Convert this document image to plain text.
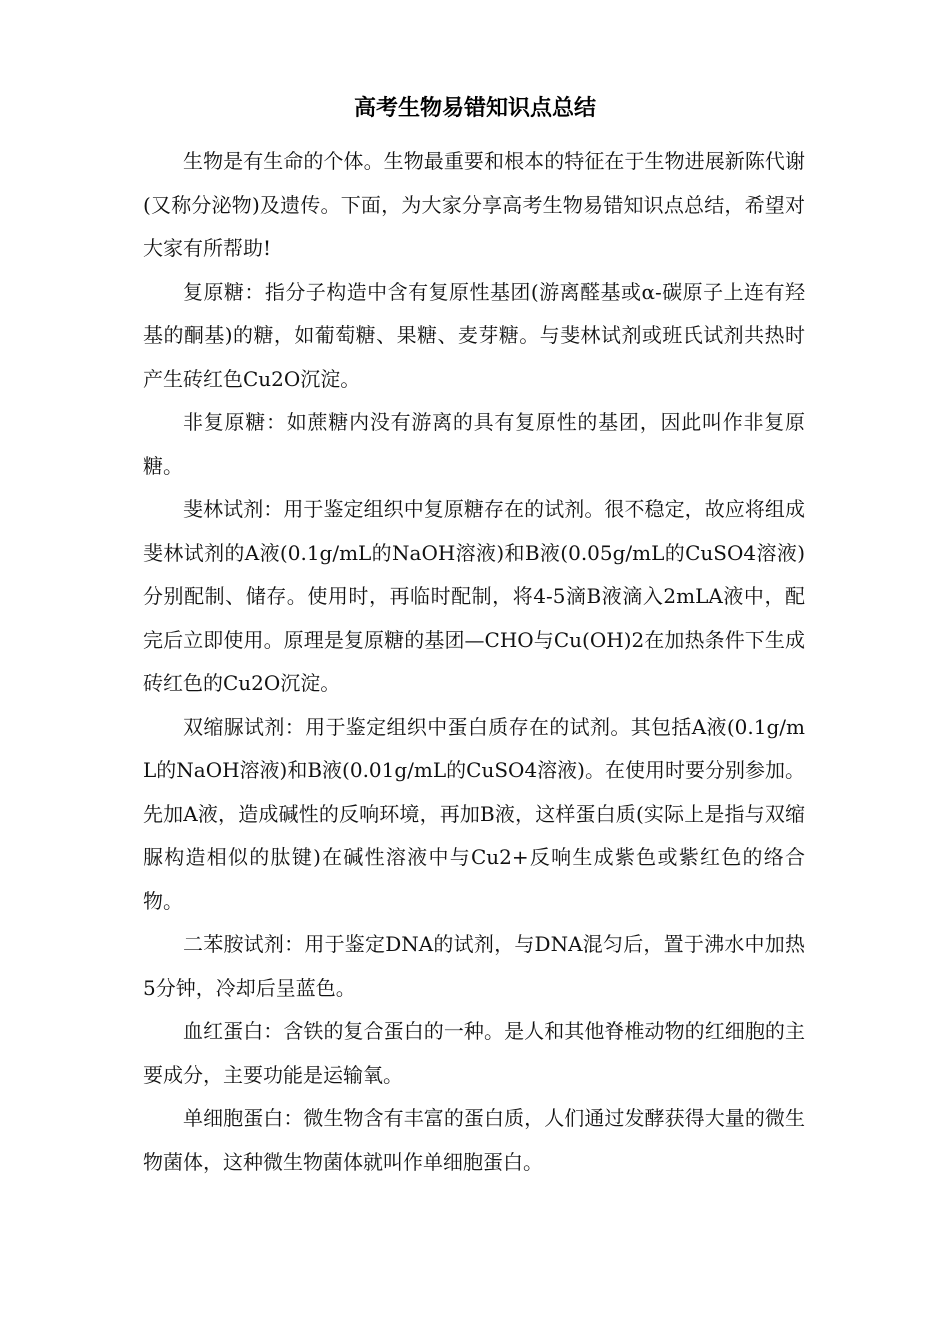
高考生物易错知识点总结

生物是有生命的个体。生物最重要和根本的特征在于生物进展新陈代谢(又称分泌物)及遗传。下面，为大家分享高考生物易错知识点总结，希望对大家有所帮助!

复原糖：指分子构造中含有复原性基团(游离醛基或α-碳原子上连有羟基的酮基)的糖，如葡萄糖、果糖、麦芽糖。与斐林试剂或班氏试剂共热时产生砖红色Cu2O沉淀。

非复原糖：如蔗糖内没有游离的具有复原性的基团，因此叫作非复原糖。

斐林试剂：用于鉴定组织中复原糖存在的试剂。很不稳定，故应将组成斐林试剂的A液(0.1g/mL的NaOH溶液)和B液(0.05g/mL的CuSO4溶液)分别配制、储存。使用时，再临时配制，将4-5滴B液滴入2mLA液中，配完后立即使用。原理是复原糖的基团—CHO与Cu(OH)2在加热条件下生成砖红色的Cu2O沉淀。

双缩脲试剂：用于鉴定组织中蛋白质存在的试剂。其包括A液(0.1g/mL的NaOH溶液)和B液(0.01g/mL的CuSO4溶液)。在使用时要分别参加。先加A液，造成碱性的反响环境，再加B液，这样蛋白质(实际上是指与双缩脲构造相似的肽键)在碱性溶液中与Cu2+反响生成紫色或紫红色的络合物。

二苯胺试剂：用于鉴定DNA的试剂，与DNA混匀后，置于沸水中加热5分钟，冷却后呈蓝色。

血红蛋白：含铁的复合蛋白的一种。是人和其他脊椎动物的红细胞的主要成分，主要功能是运输氧。

单细胞蛋白：微生物含有丰富的蛋白质，人们通过发酵获得大量的微生物菌体，这种微生物菌体就叫作单细胞蛋白。
